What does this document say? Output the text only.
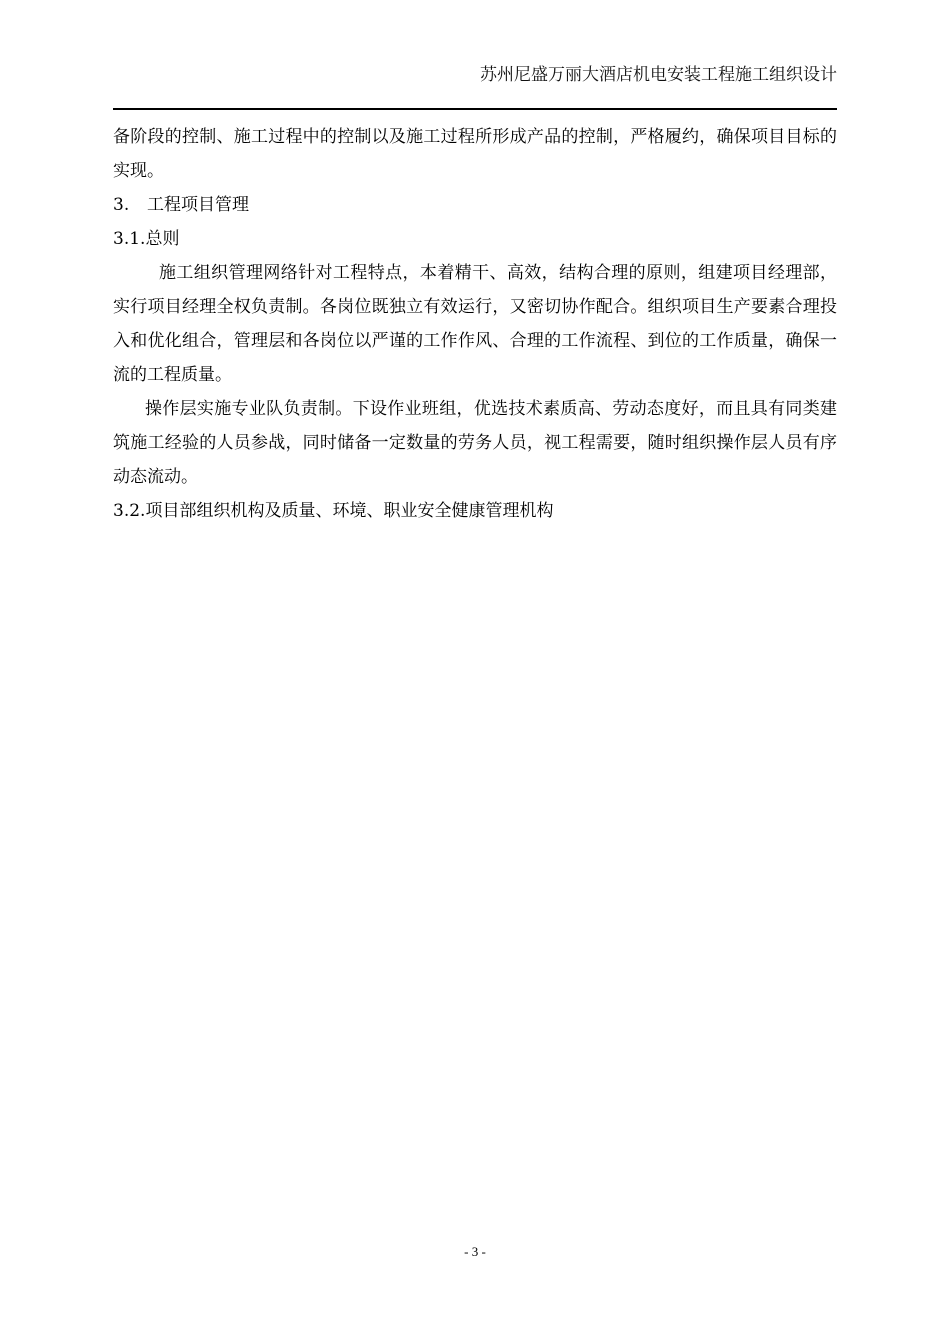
苏州尼盛万丽大酒店机电安装工程施工组织设计

备阶段的控制、施工过程中的控制以及施工过程所形成产品的控制，严格履约，确保项目目标的实现。

3. 工程项目管理
3.1.总则

施工组织管理网络针对工程特点，本着精干、高效，结构合理的原则，组建项目经理部，实行项目经理全权负责制。各岗位既独立有效运行，又密切协作配合。组织项目生产要素合理投入和优化组合，管理层和各岗位以严谨的工作作风、合理的工作流程、到位的工作质量，确保一流的工程质量。

操作层实施专业队负责制。下设作业班组，优选技术素质高、劳动态度好，而且具有同类建筑施工经验的人员参战，同时储备一定数量的劳务人员，视工程需要，随时组织操作层人员有序动态流动。

3.2.项目部组织机构及质量、环境、职业安全健康管理机构
- 3 -
